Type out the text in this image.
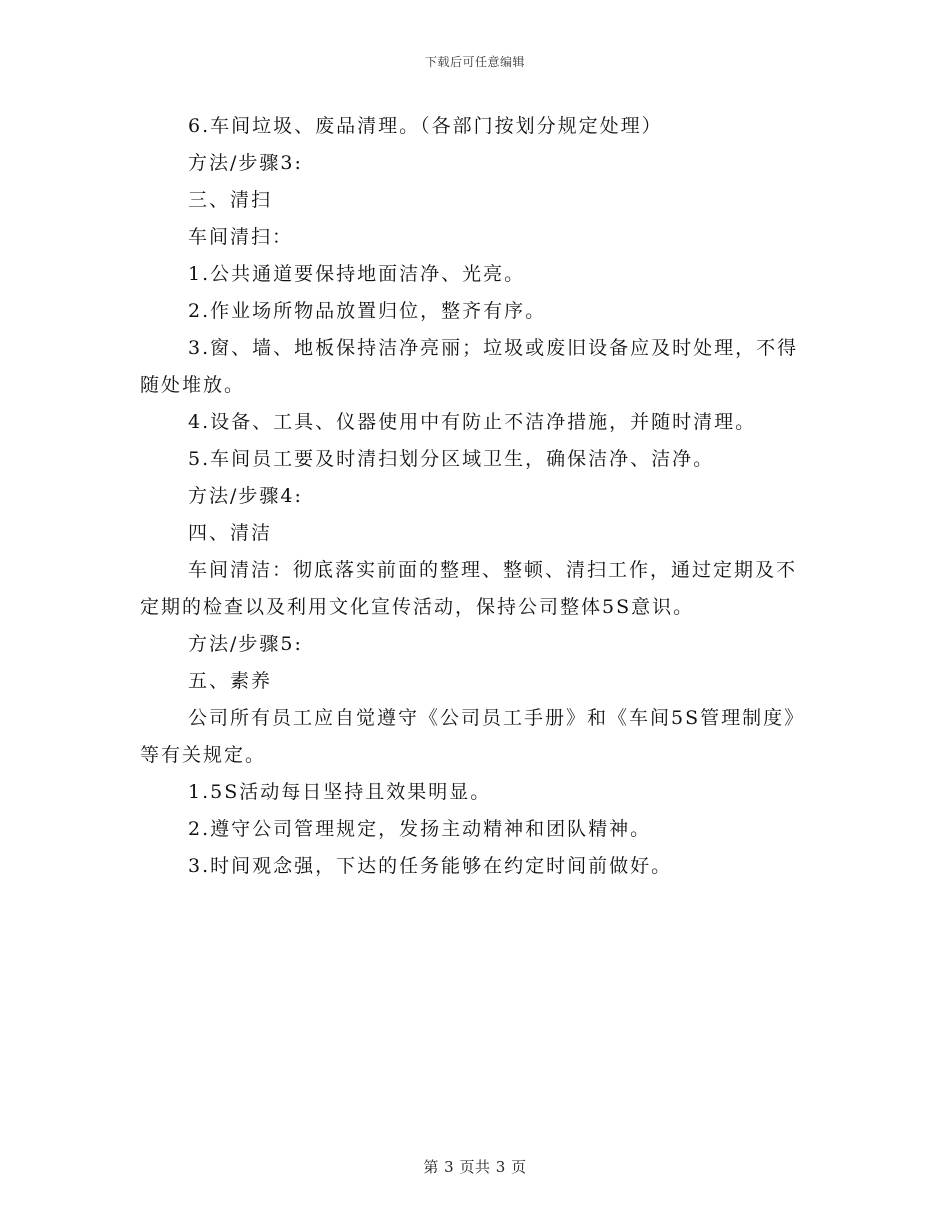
下载后可任意编辑

6.车间垃圾、废品清理。（各部门按划分规定处理）

方法/步骤3:

三、清扫

车间清扫：

1.公共通道要保持地面洁净、光亮。

2.作业场所物品放置归位，整齐有序。

3.窗、墙、地板保持洁净亮丽；垃圾或废旧设备应及时处理，不得随处堆放。

4.设备、工具、仪器使用中有防止不洁净措施，并随时清理。

5.车间员工要及时清扫划分区域卫生，确保洁净、洁净。

方法/步骤4:

四、清洁

车间清洁：彻底落实前面的整理、整顿、清扫工作，通过定期及不定期的检查以及利用文化宣传活动，保持公司整体5S意识。

方法/步骤5:

五、素养

公司所有员工应自觉遵守《公司员工手册》和《车间5S管理制度》等有关规定。

1.5S活动每日坚持且效果明显。

2.遵守公司管理规定，发扬主动精神和团队精神。

3.时间观念强，下达的任务能够在约定时间前做好。

第 3 页共 3 页
